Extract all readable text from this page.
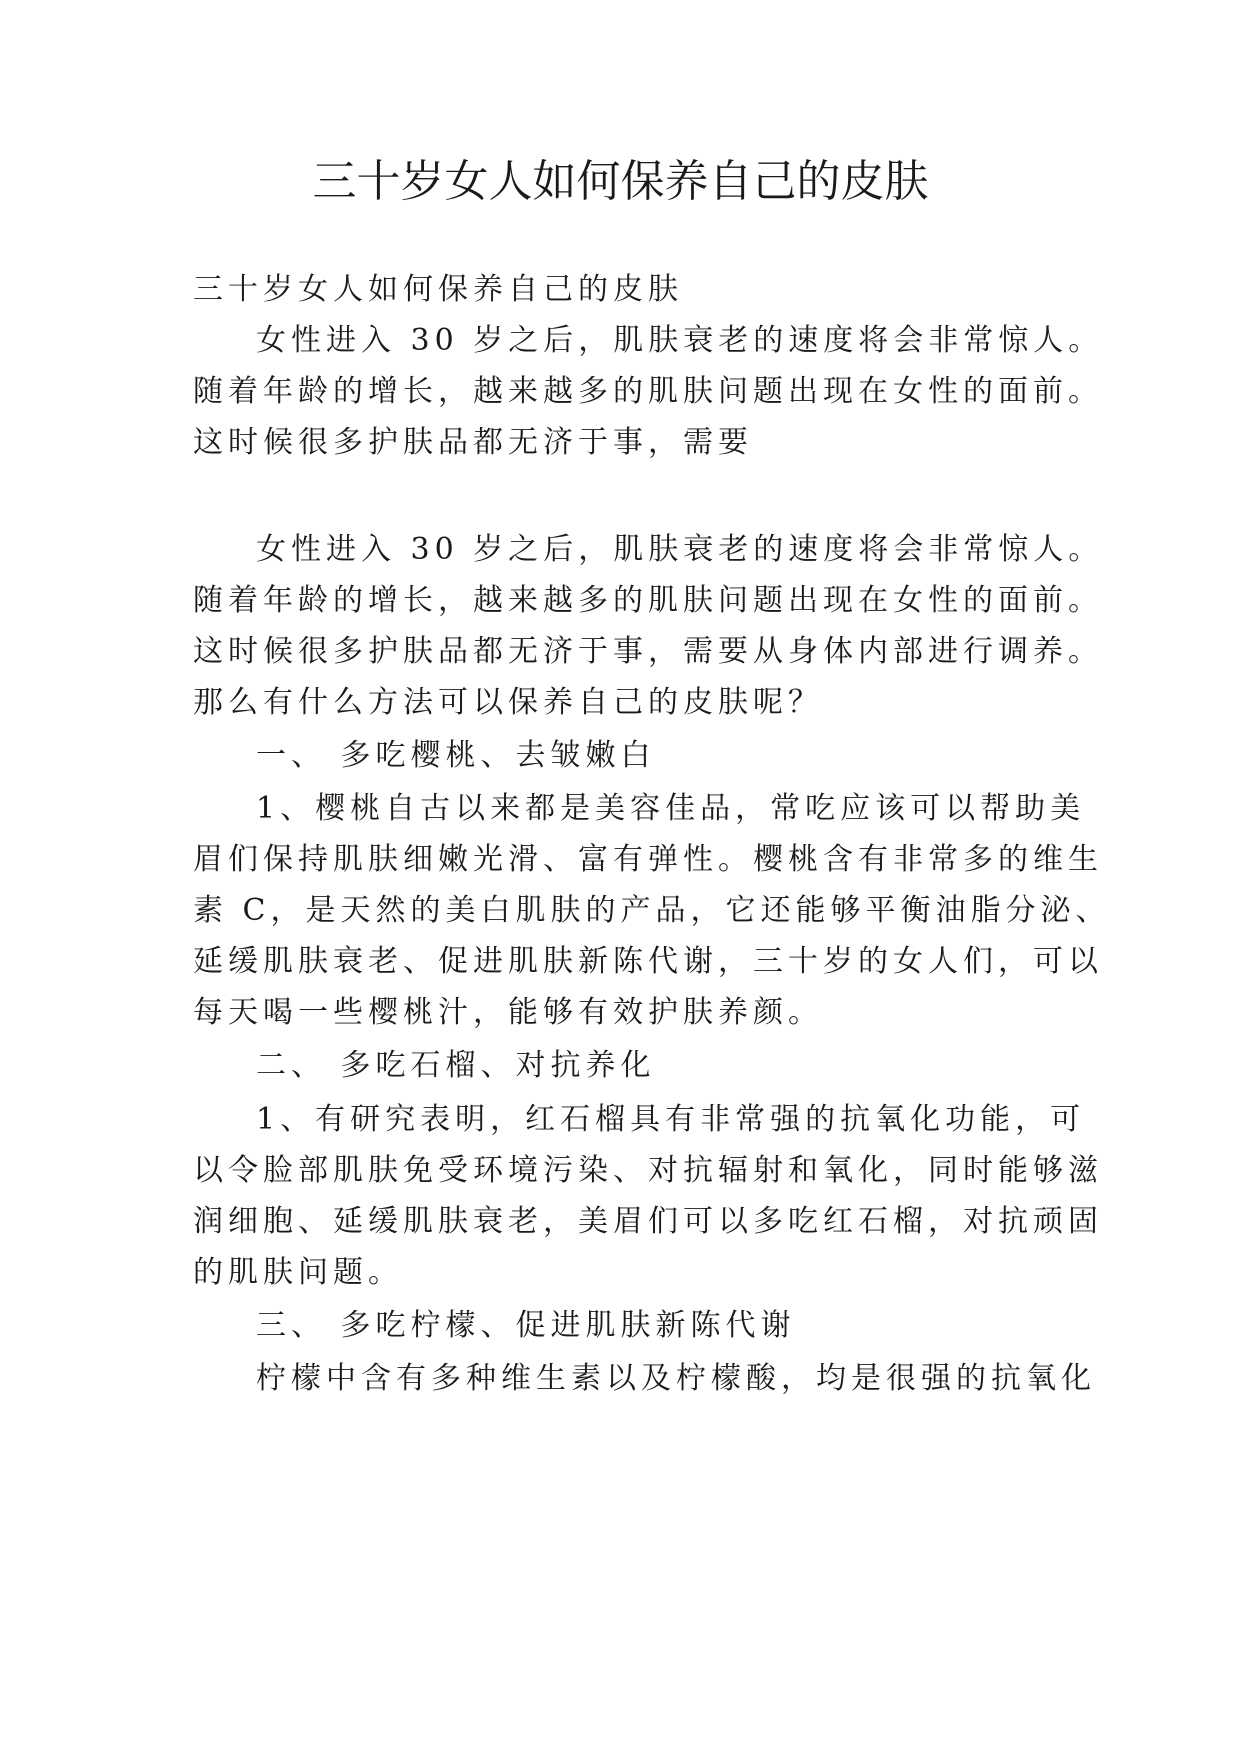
三十岁女人如何保养自己的皮肤

三十岁女人如何保养自己的皮肤

女性进入 30 岁之后，肌肤衰老的速度将会非常惊人。

随着年龄的增长，越来越多的肌肤问题出现在女性的面前。

这时候很多护肤品都无济于事，需要

女性进入 30 岁之后，肌肤衰老的速度将会非常惊人。

随着年龄的增长，越来越多的肌肤问题出现在女性的面前。

这时候很多护肤品都无济于事，需要从身体内部进行调养。

那么有什么方法可以保养自己的皮肤呢？

一、 多吃樱桃、去皱嫩白

1、樱桃自古以来都是美容佳品，常吃应该可以帮助美

眉们保持肌肤细嫩光滑、富有弹性。樱桃含有非常多的维生

素 C，是天然的美白肌肤的产品，它还能够平衡油脂分泌、

延缓肌肤衰老、促进肌肤新陈代谢，三十岁的女人们，可以

每天喝一些樱桃汁，能够有效护肤养颜。

二、 多吃石榴、对抗养化

1、有研究表明，红石榴具有非常强的抗氧化功能，可

以令脸部肌肤免受环境污染、对抗辐射和氧化，同时能够滋

润细胞、延缓肌肤衰老，美眉们可以多吃红石榴，对抗顽固

的肌肤问题。

三、 多吃柠檬、促进肌肤新陈代谢

柠檬中含有多种维生素以及柠檬酸，均是很强的抗氧化
